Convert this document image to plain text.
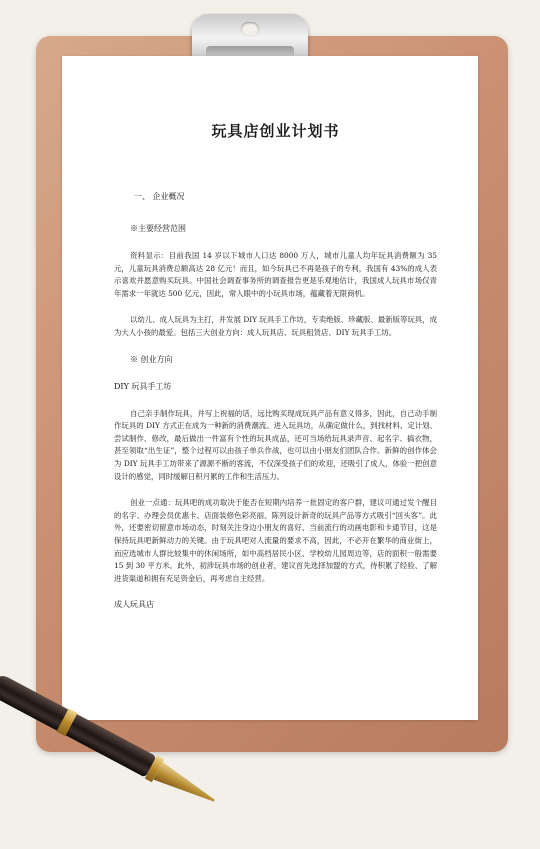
玩具店创业计划书

一、 企业概况

※主要经营范围

资料显示：目前我国 14 岁以下城市人口达 8000 万人，城市儿童人均年玩具消费额为 35 元，儿童玩具消费总额高达 28 亿元！而且，如今玩具已不再是孩子的专利，我国有 43%的成人表示喜欢并愿意购买玩具。中国社会调查事务所的调查报告更是乐观地估计，我国成人玩具市场仅青年需求一年就达 500 亿元，因此，常人眼中的小玩具市场，蕴藏着无限商机。

以幼儿、成人玩具为主打，并发展 DIY 玩具手工作坊，专卖绝版、珍藏版、最新版等玩具，成为大人小孩的最爱。包括三大创业方向：成人玩具店、玩具租赁店、DIY 玩具手工坊。

※ 创业方向

DIY 玩具手工坊

自己亲手制作玩具，并写上祝福的话，远比购买现成玩具产品有意义得多，因此，自己动手制作玩具的 DIY 方式正在成为一种新的消费潮流。进入玩具坊，从确定做什么，到找材料、定计划、尝试制作、修改，最后做出一件富有个性的玩具成品，还可当场给玩具录声音、起名字、搞衣物，甚至领取“出生证”，整个过程可以由孩子单兵作战，也可以由小朋友们团队合作。新鲜的创作体会为 DIY 玩具手工坊带来了源源不断的客流，不仅深受孩子们的欢迎，还吸引了成人，体验一把创意设计的感觉，同时缓解日积月累的工作和生活压力。

创业一点通：玩具吧的成功取决于能否在短期内培养一批固定的客户群，建议可通过发个醒目的名字、办理会员优惠卡、店面装修色彩亮丽、陈列设计新奇的玩具产品等方式吸引“回头客”。此外，还要密切留意市场动态，时刻关注身边小朋友的喜好、当前流行的动画电影和卡通节目，这是保持玩具吧新鲜动力的关键。由于玩具吧对人流量的要求不高，因此，不必开在繁华的商业街上，而应选城市人群比较集中的休闲场所，如中高档居民小区、学校幼儿园周边等，店的面积一般需要 15 到 30 平方米。此外，初涉玩具市场的创业者，建议首先选择加盟的方式，待积累了经验、了解进货渠道和拥有充足资金后，再考虑自主经营。

成人玩具店
